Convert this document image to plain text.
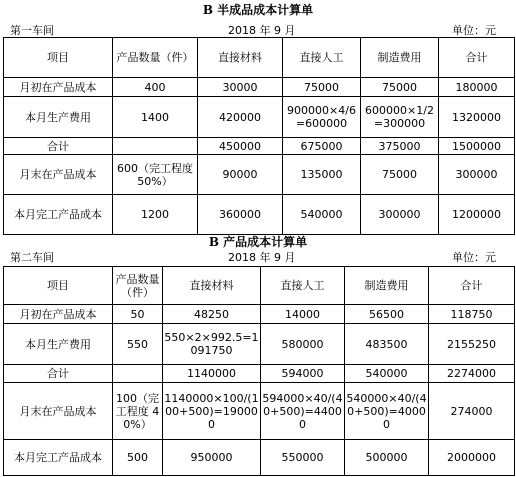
B 半成品成本计算单
第一车间	2018 年 9 月	单位：元
项目	产品数量（件）	直接材料	直接人工	制造费用	合计
月初在产品成本	400	30000	75000	75000	180000
本月生产费用	1400	420000	900000×4/6=600000	600000×1/2=300000	1320000
合计		450000	675000	375000	1500000
月末在产品成本	600（完工程度 50%）	90000	135000	75000	300000
本月完工产品成本	1200	360000	540000	300000	1200000
B 产品成本计算单
第二车间	2018 年 9 月	单位：元
项目	产品数量（件）	直接材料	直接人工	制造费用	合计
月初在产品成本	50	48250	14000	56500	118750
本月生产费用	550	550×2×992.5=1091750	580000	483500	2155250
合计		1140000	594000	540000	2274000
月末在产品成本	100（完工程度 40%）	1140000×100/(100+500)=190000	594000×40/(40+500)=44000	540000×40/(40+500)=40000	274000
本月完工产品成本	500	950000	550000	500000	2000000
